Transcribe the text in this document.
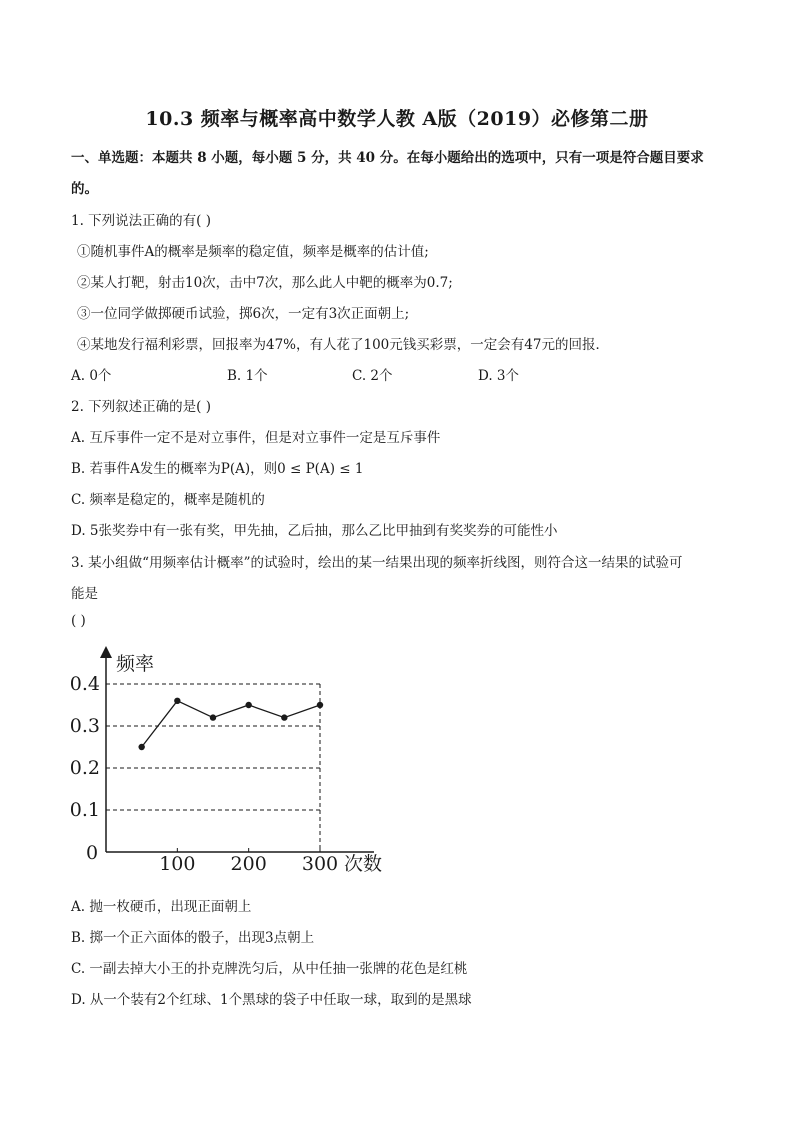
10.3 频率与概率高中数学人教 A版（2019）必修第二册
一、单选题：本题共 8 小题，每小题 5 分，共 40 分。在每小题给出的选项中，只有一项是符合题目要求
的。
1. 下列说法正确的有( )
①随机事件A的概率是频率的稳定值，频率是概率的估计值;
②某人打靶，射击10次，击中7次，那么此人中靶的概率为0.7;
③一位同学做掷硬币试验，掷6次，一定有3次正面朝上;
④某地发行福利彩票，回报率为47%，有人花了100元钱买彩票，一定会有47元的回报．
A. 0个	B. 1个	C. 2个	D. 3个
2. 下列叙述正确的是( )
A. 互斥事件一定不是对立事件，但是对立事件一定是互斥事件
B. 若事件A发生的概率为P(A)，则0 ≤ P(A) ≤ 1
C. 频率是稳定的，概率是随机的
D. 5张奖券中有一张有奖，甲先抽，乙后抽，那么乙比甲抽到有奖奖券的可能性小
3. 某小组做“用频率估计概率”的试验时，绘出的某一结果出现的频率折线图，则符合这一结果的试验可
能是
( )
频率
次数
0
0.1
0.2
0.3
0.4
100 200 300
A. 抛一枚硬币，出现正面朝上
B. 掷一个正六面体的骰子，出现3点朝上
C. 一副去掉大小王的扑克牌洗匀后，从中任抽一张牌的花色是红桃
D. 从一个装有2个红球、1个黑球的袋子中任取一球，取到的是黑球
